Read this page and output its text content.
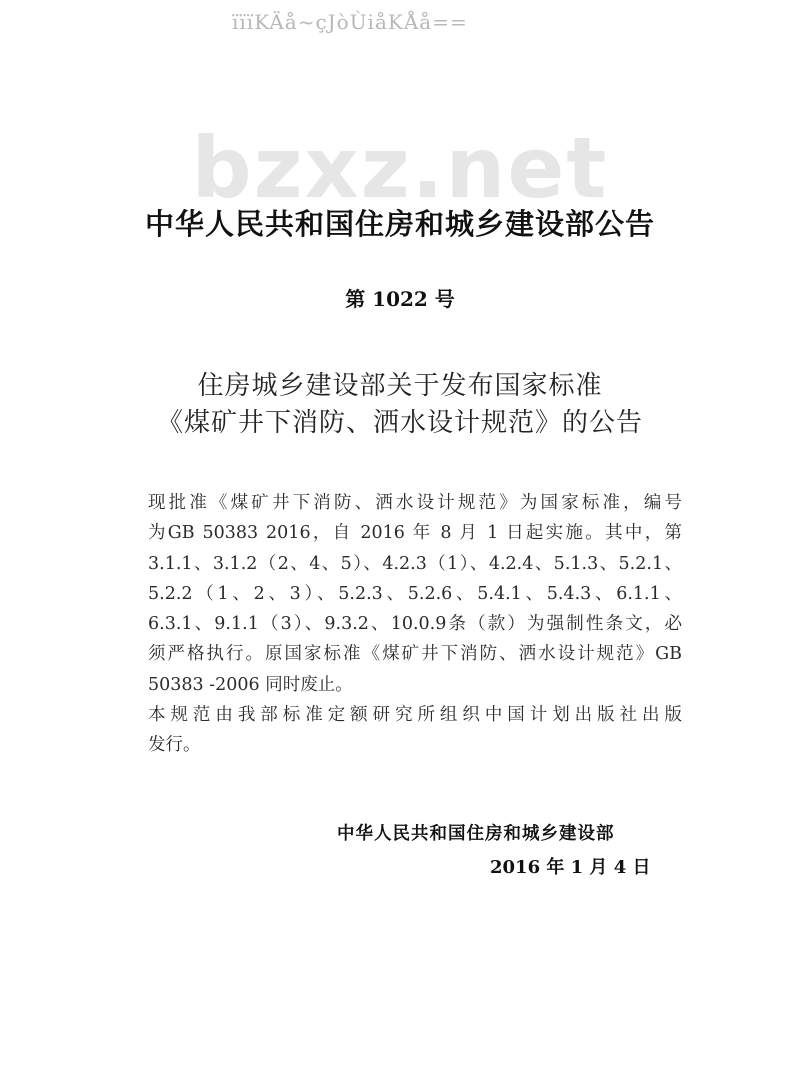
ïïïKÄå~çJòÙiåKÅå==
bzxz.net
中华人民共和国住房和城乡建设部公告
第 1022 号
住房城乡建设部关于发布国家标准
《煤矿井下消防、洒水设计规范》的公告
现批准《煤矿井下消防、洒水设计规范》为国家标准，编号
为GB 50383 2016，自 2016 年 8 月 1 日起实施。其中，第
3.1.1、3.1.2（2、4、5）、4.2.3（1）、4.2.4、5.1.3、5.2.1、
5.2.2（1、2、3）、5.2.3、5.2.6、5.4.1、5.4.3、6.1.1、
6.3.1、9.1.1（3）、9.3.2、10.0.9条（款）为强制性条文，必
须严格执行。原国家标准《煤矿井下消防、洒水设计规范》GB
50383 -2006 同时废止。
本规范由我部标准定额研究所组织中国计划出版社出版
发行。
中华人民共和国住房和城乡建设部
2016 年 1 月 4 日
